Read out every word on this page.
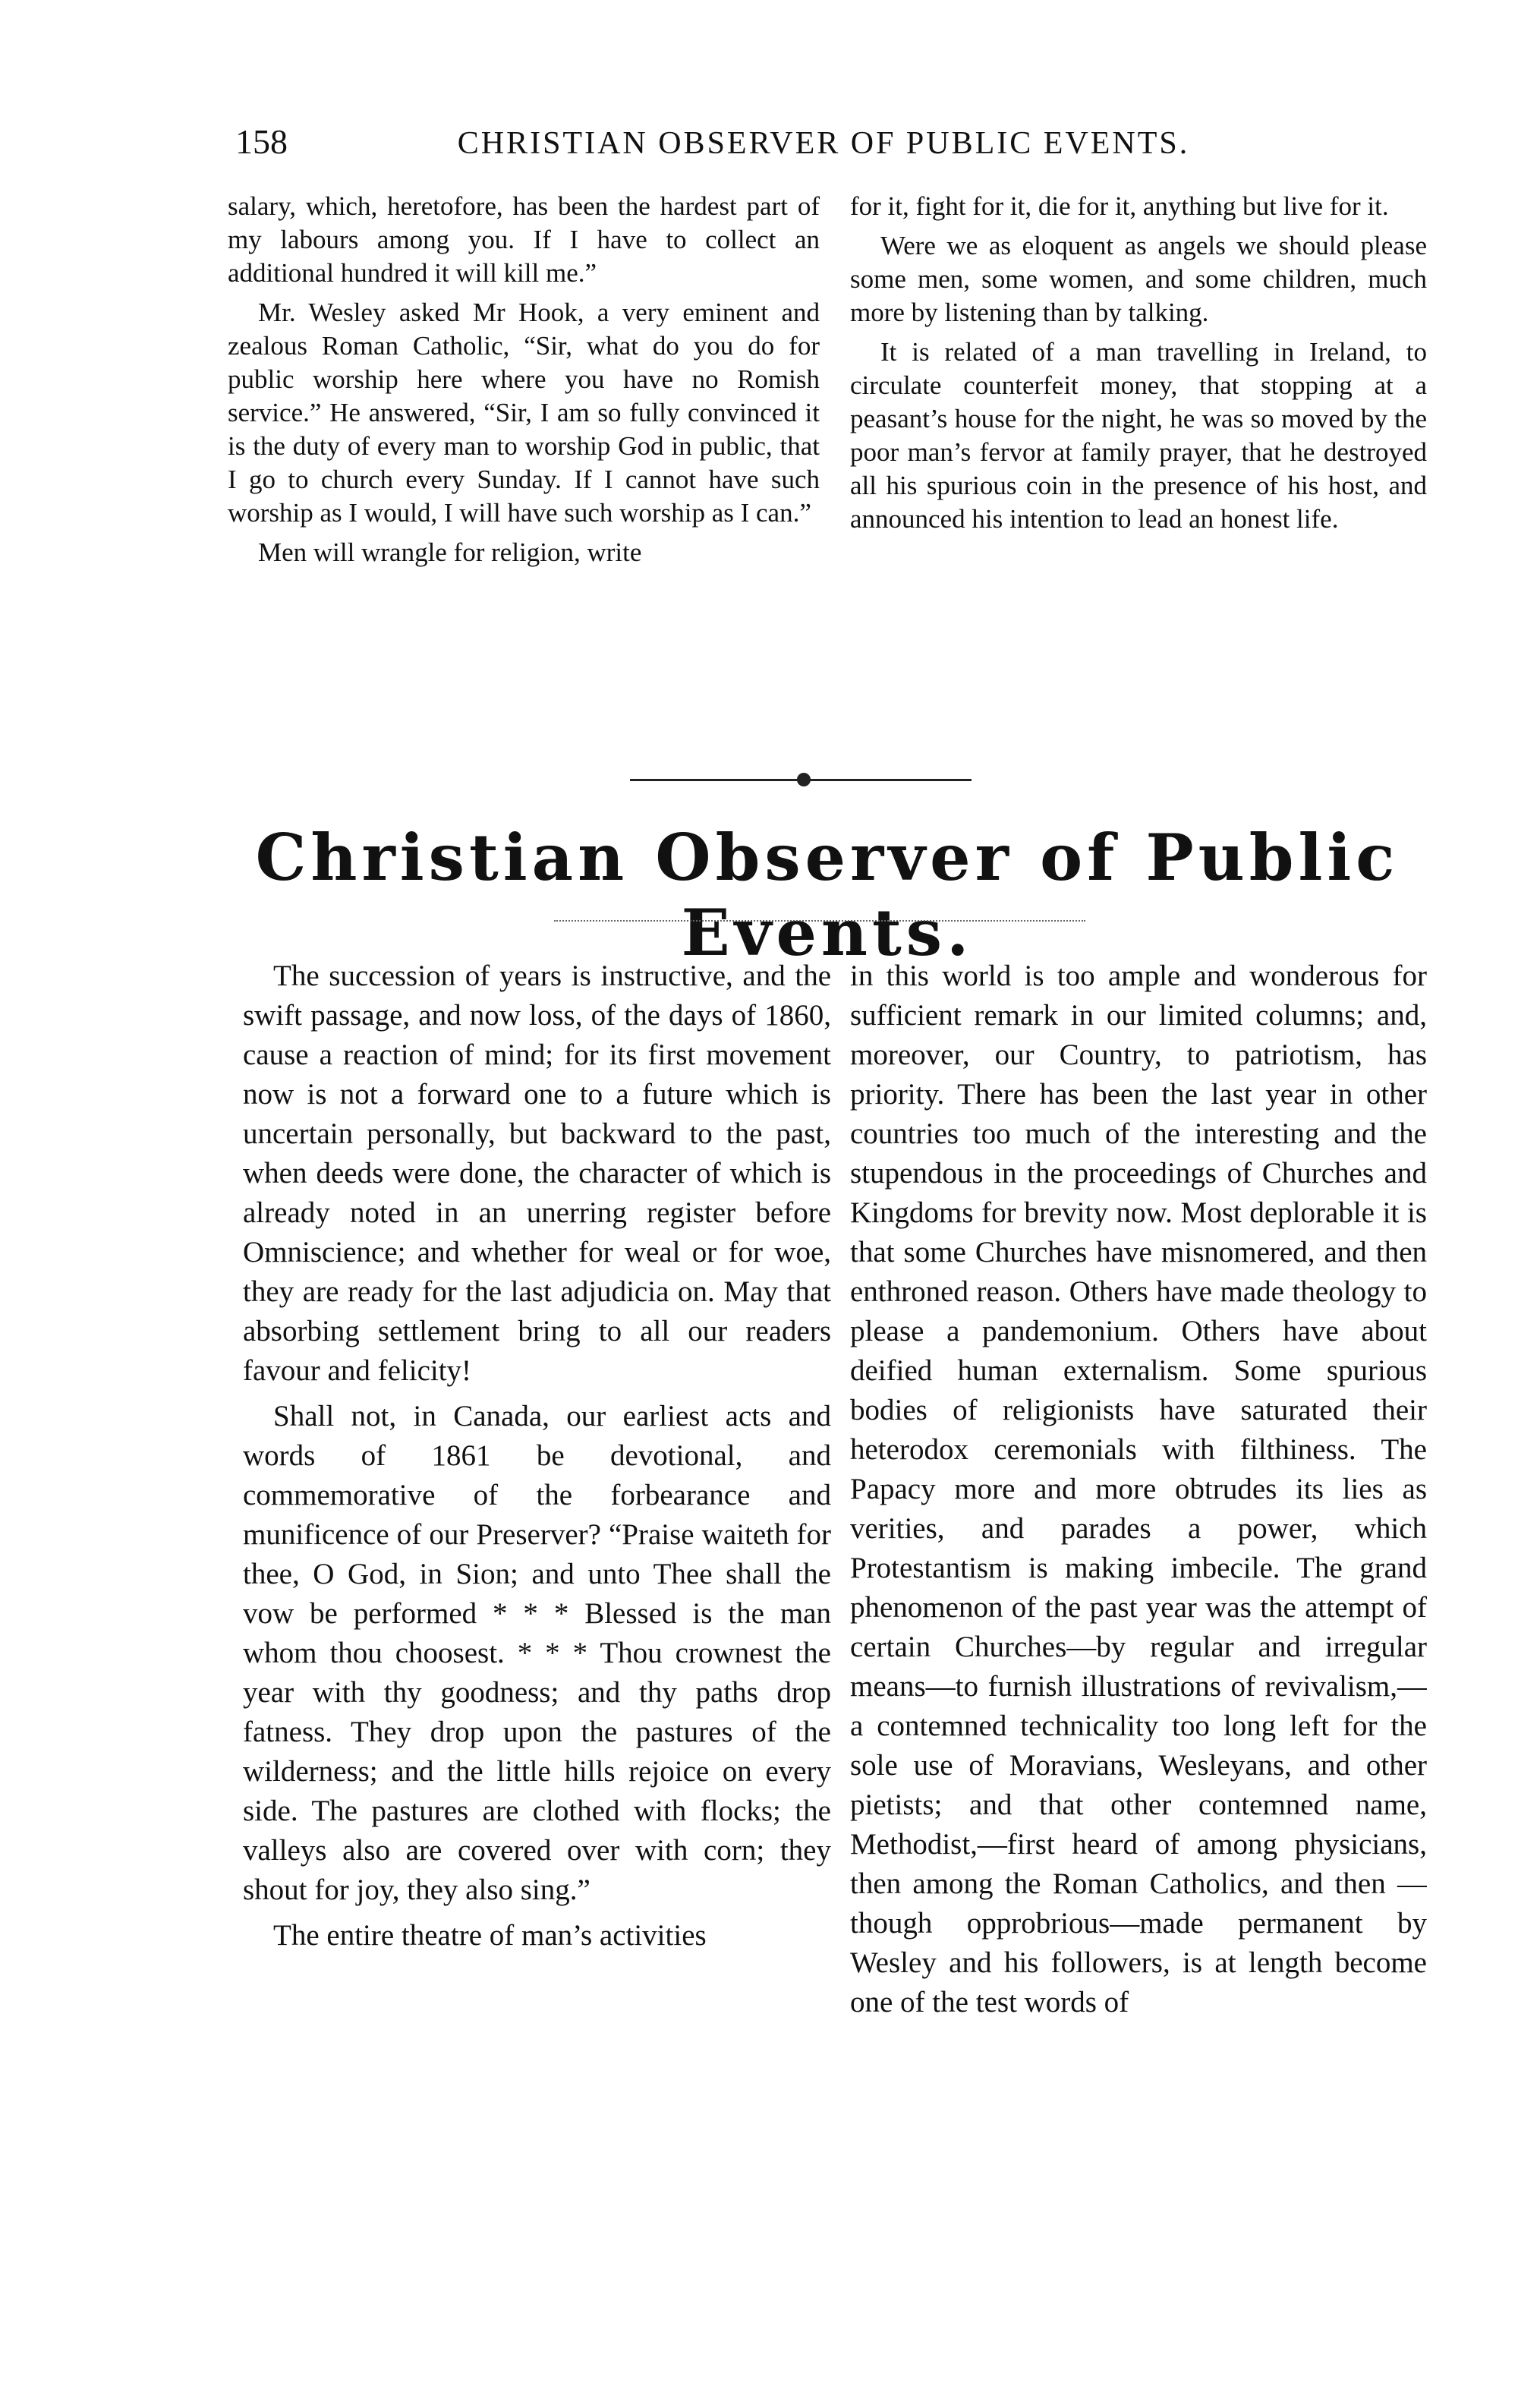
158	CHRISTIAN OBSERVER OF PUBLIC EVENTS.

salary, which, heretofore, has been the hardest part of my labours among you. If I have to collect an additional hundred it will kill me.”

Mr. Wesley asked Mr Hook, a very eminent and zealous Roman Catholic, “Sir, what do you do for public worship here where you have no Romish service.” He answered, “Sir, I am so fully convinced it is the duty of every man to worship God in public, that I go to church every Sunday. If I cannot have such worship as I would, I will have such worship as I can.”

Men will wrangle for religion, write

for it, fight for it, die for it, anything but live for it.

Were we as eloquent as angels we should please some men, some women, and some children, much more by listening than by talking.

It is related of a man travelling in Ireland, to circulate counterfeit money, that stopping at a peasant’s house for the night, he was so moved by the poor man’s fervor at family prayer, that he destroyed all his spurious coin in the presence of his host, and announced his intention to lead an honest life.

Christian Observer of Public Events.

The succession of years is instructive, and the swift passage, and now loss, of the days of 1860, cause a reaction of mind; for its first movement now is not a forward one to a future which is uncertain personally, but backward to the past, when deeds were done, the character of which is already noted in an unerring register before Omniscience; and whether for weal or for woe, they are ready for the last adjudicia on. May that absorbing settlement bring to all our readers favour and felicity!

Shall not, in Canada, our earliest acts and words of 1861 be devotional, and commemorative of the forbearance and munificence of our Preserver? “Praise waiteth for thee, O God, in Sion; and unto Thee shall the vow be performed * * * Blessed is the man whom thou choosest. * * * Thou crownest the year with thy goodness; and thy paths drop fatness. They drop upon the pastures of the wilderness; and the little hills rejoice on every side. The pastures are clothed with flocks; the valleys also are covered over with corn; they shout for joy, they also sing.”

The entire theatre of man’s activities

in this world is too ample and wonderous for sufficient remark in our limited columns; and, moreover, our Country, to patriotism, has priority. There has been the last year in other countries too much of the interesting and the stupendous in the proceedings of Churches and Kingdoms for brevity now. Most deplorable it is that some Churches have misnomered, and then enthroned reason. Others have made theology to please a pandemonium. Others have about deified human externalism. Some spurious bodies of religionists have saturated their heterodox ceremonials with filthiness. The Papacy more and more obtrudes its lies as verities, and parades a power, which Protestantism is making imbecile. The grand phenomenon of the past year was the attempt of certain Churches—by regular and irregular means—to furnish illustrations of revivalism,—a contemned technicality too long left for the sole use of Moravians, Wesleyans, and other pietists; and that other contemned name, Methodist,—first heard of among physicians, then among the Roman Catholics, and then —though opprobrious—made permanent by Wesley and his followers, is at length become one of the test words of
